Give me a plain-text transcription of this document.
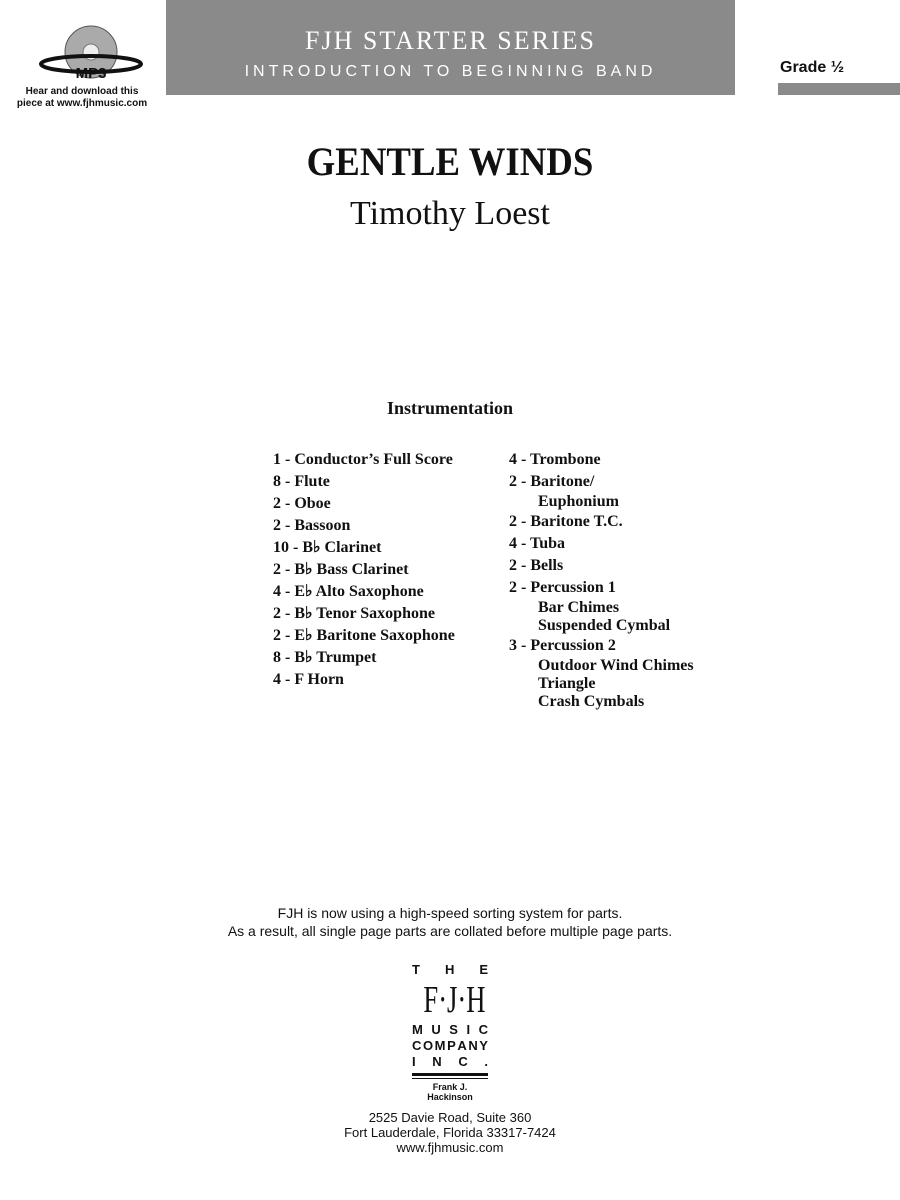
MP3
Hear and download this
piece at www.fjhmusic.com
FJH STARTER SERIES
INTRODUCTION TO BEGINNING BAND	Grade ½
GENTLE WINDS
Timothy Loest
Instrumentation
1 - Conductor’s Full Score
8 - Flute
2 - Oboe
2 - Bassoon
10 - B♭ Clarinet
2 - B♭ Bass Clarinet
4 - E♭ Alto Saxophone
2 - B♭ Tenor Saxophone
2 - E♭ Baritone Saxophone
8 - B♭ Trumpet
4 - F Horn
4 - Trombone
2 - Baritone/
Euphonium
2 - Baritone T.C.
4 - Tuba
2 - Bells
2 - Percussion 1
Bar Chimes
Suspended Cymbal
3 - Percussion 2
Outdoor Wind Chimes
Triangle
Crash Cymbals
FJH is now using a high-speed sorting system for parts.
As a result, all single page parts are collated before multiple page parts.
T H E
F·J·H
M U S I C
C O M P A N Y
I N C .
Frank J. Hackinson
2525 Davie Road, Suite 360
Fort Lauderdale, Florida 33317-7424
www.fjhmusic.com
